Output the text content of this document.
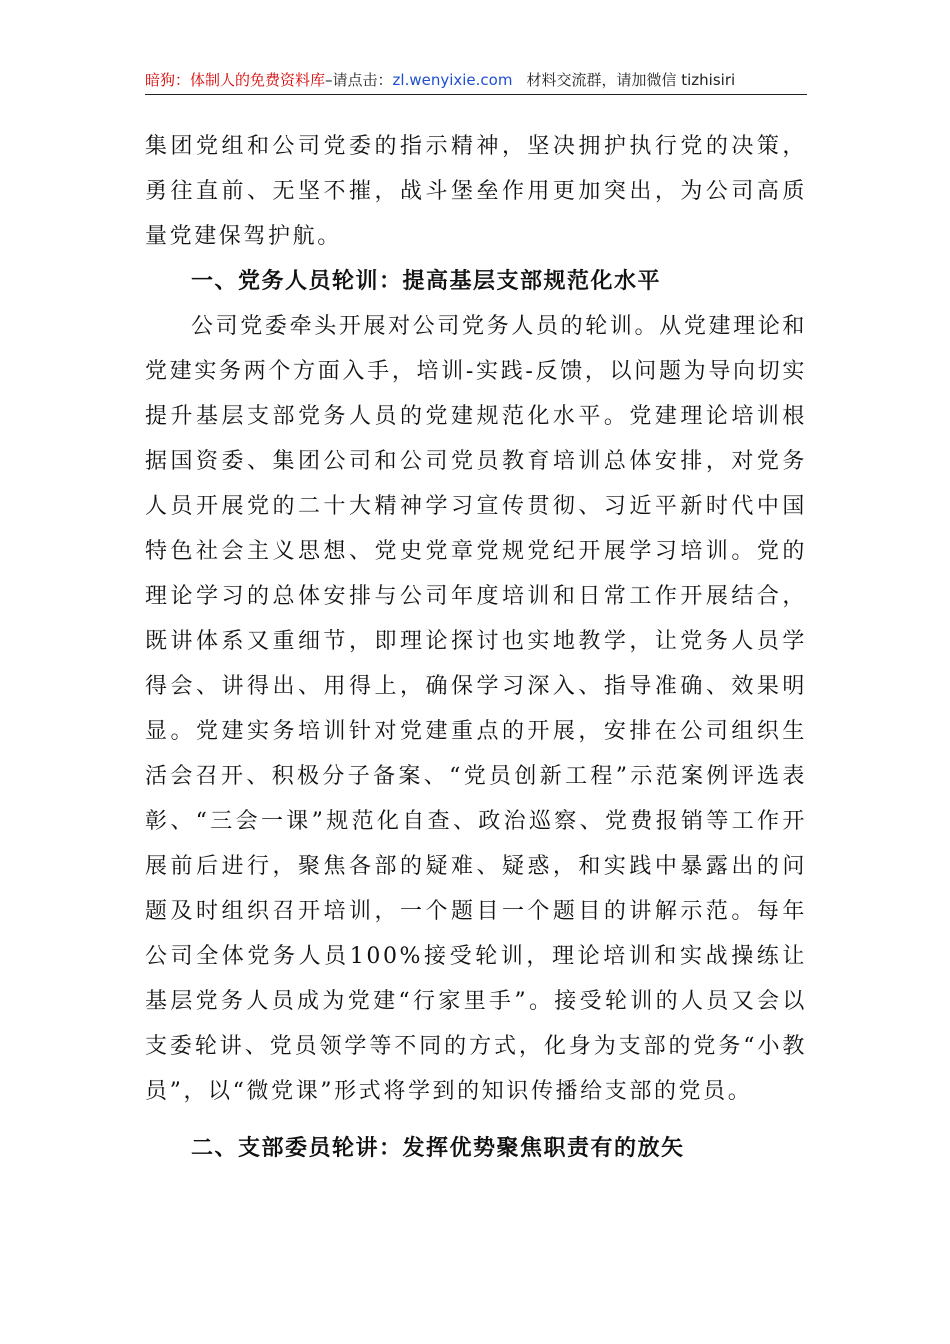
暗狗：体制人的免费资料库–请点击：zl.wenyixie.com 材料交流群，请加微信 tizhisiri

集团党组和公司党委的指示精神，坚决拥护执行党的决策，勇往直前、无坚不摧，战斗堡垒作用更加突出，为公司高质量党建保驾护航。

一、党务人员轮训：提高基层支部规范化水平

公司党委牵头开展对公司党务人员的轮训。从党建理论和党建实务两个方面入手，培训-实践-反馈，以问题为导向切实提升基层支部党务人员的党建规范化水平。党建理论培训根据国资委、集团公司和公司党员教育培训总体安排，对党务人员开展党的二十大精神学习宣传贯彻、习近平新时代中国特色社会主义思想、党史党章党规党纪开展学习培训。党的理论学习的总体安排与公司年度培训和日常工作开展结合，既讲体系又重细节，即理论探讨也实地教学，让党务人员学得会、讲得出、用得上，确保学习深入、指导准确、效果明显。党建实务培训针对党建重点的开展，安排在公司组织生活会召开、积极分子备案、“党员创新工程”示范案例评选表彰、“三会一课”规范化自查、政治巡察、党费报销等工作开展前后进行，聚焦各部的疑难、疑惑，和实践中暴露出的问题及时组织召开培训，一个题目一个题目的讲解示范。每年公司全体党务人员100%接受轮训，理论培训和实战操练让基层党务人员成为党建“行家里手”。接受轮训的人员又会以支委轮讲、党员领学等不同的方式，化身为支部的党务“小教员”，以“微党课”形式将学到的知识传播给支部的党员。

二、支部委员轮讲：发挥优势聚焦职责有的放矢
